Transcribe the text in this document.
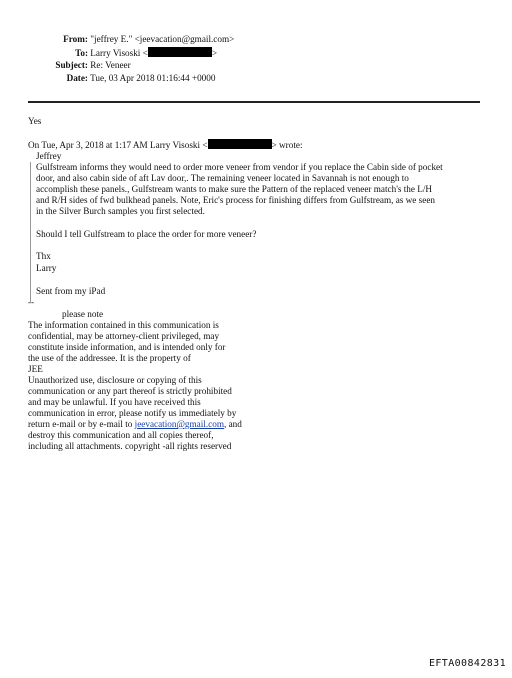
From: "jeffrey E." <jeevacation@gmail.com>
To: Larry Visoski <	>
Subject: Re: Veneer
Date: Tue, 03 Apr 2018 01:16:44 +0000
Yes
On Tue, Apr 3, 2018 at 1:17 AM Larry Visoski <	> wrote:
Jeffrey
Gulfstream informs they would need to order more veneer from vendor if you replace the Cabin side of pocket
door, and also cabin side of aft Lav door,. The remaining veneer located in Savannah is not enough to
accomplish these panels., Gulfstream wants to make sure the Pattern of the replaced veneer match's the L/H
and R/H sides of fwd bulkhead panels. Note, Eric's process for finishing differs from Gulfstream, as we seen
in the Silver Burch samples you first selected.
Should I tell Gulfstream to place the order for more veneer?
Thx
Larry
Sent from my iPad
--
please note
The information contained in this communication is
confidential, may be attorney-client privileged, may
constitute inside information, and is intended only for
the use of the addressee. It is the property of
JEE
Unauthorized use, disclosure or copying of this
communication or any part thereof is strictly prohibited
and may be unlawful. If you have received this
communication in error, please notify us immediately by
return e-mail or by e-mail to jeevacation@gmail.com, and
destroy this communication and all copies thereof,
including all attachments. copyright -all rights reserved
EFTA00842831
